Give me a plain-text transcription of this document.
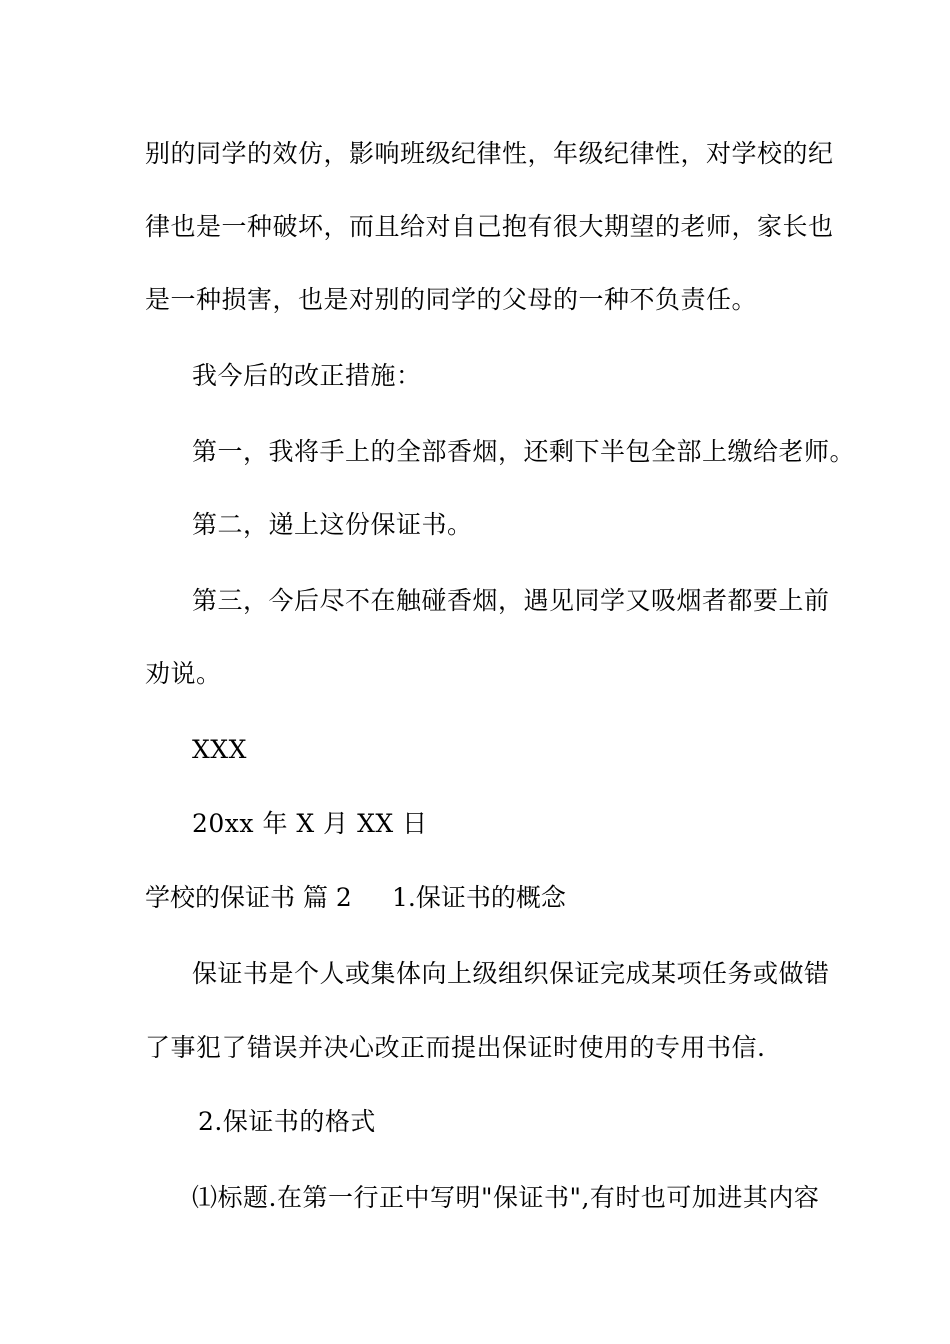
别的同学的效仿，影响班级纪律性，年级纪律性，对学校的纪
律也是一种破坏，而且给对自己抱有很大期望的老师，家长也
是一种损害，也是对别的同学的父母的一种不负责任。
我今后的改正措施：
第一，我将手上的全部香烟，还剩下半包全部上缴给老师。
第二，递上这份保证书。
第三，今后尽不在触碰香烟，遇见同学又吸烟者都要上前
劝说。
XXX
20xx 年 X 月 XX 日
学校的保证书 篇 2 1.保证书的概念
保证书是个人或集体向上级组织保证完成某项任务或做错
了事犯了错误并决心改正而提出保证时使用的专用书信.
2.保证书的格式
⑴标题.在第一行正中写明"保证书",有时也可加进其内容
